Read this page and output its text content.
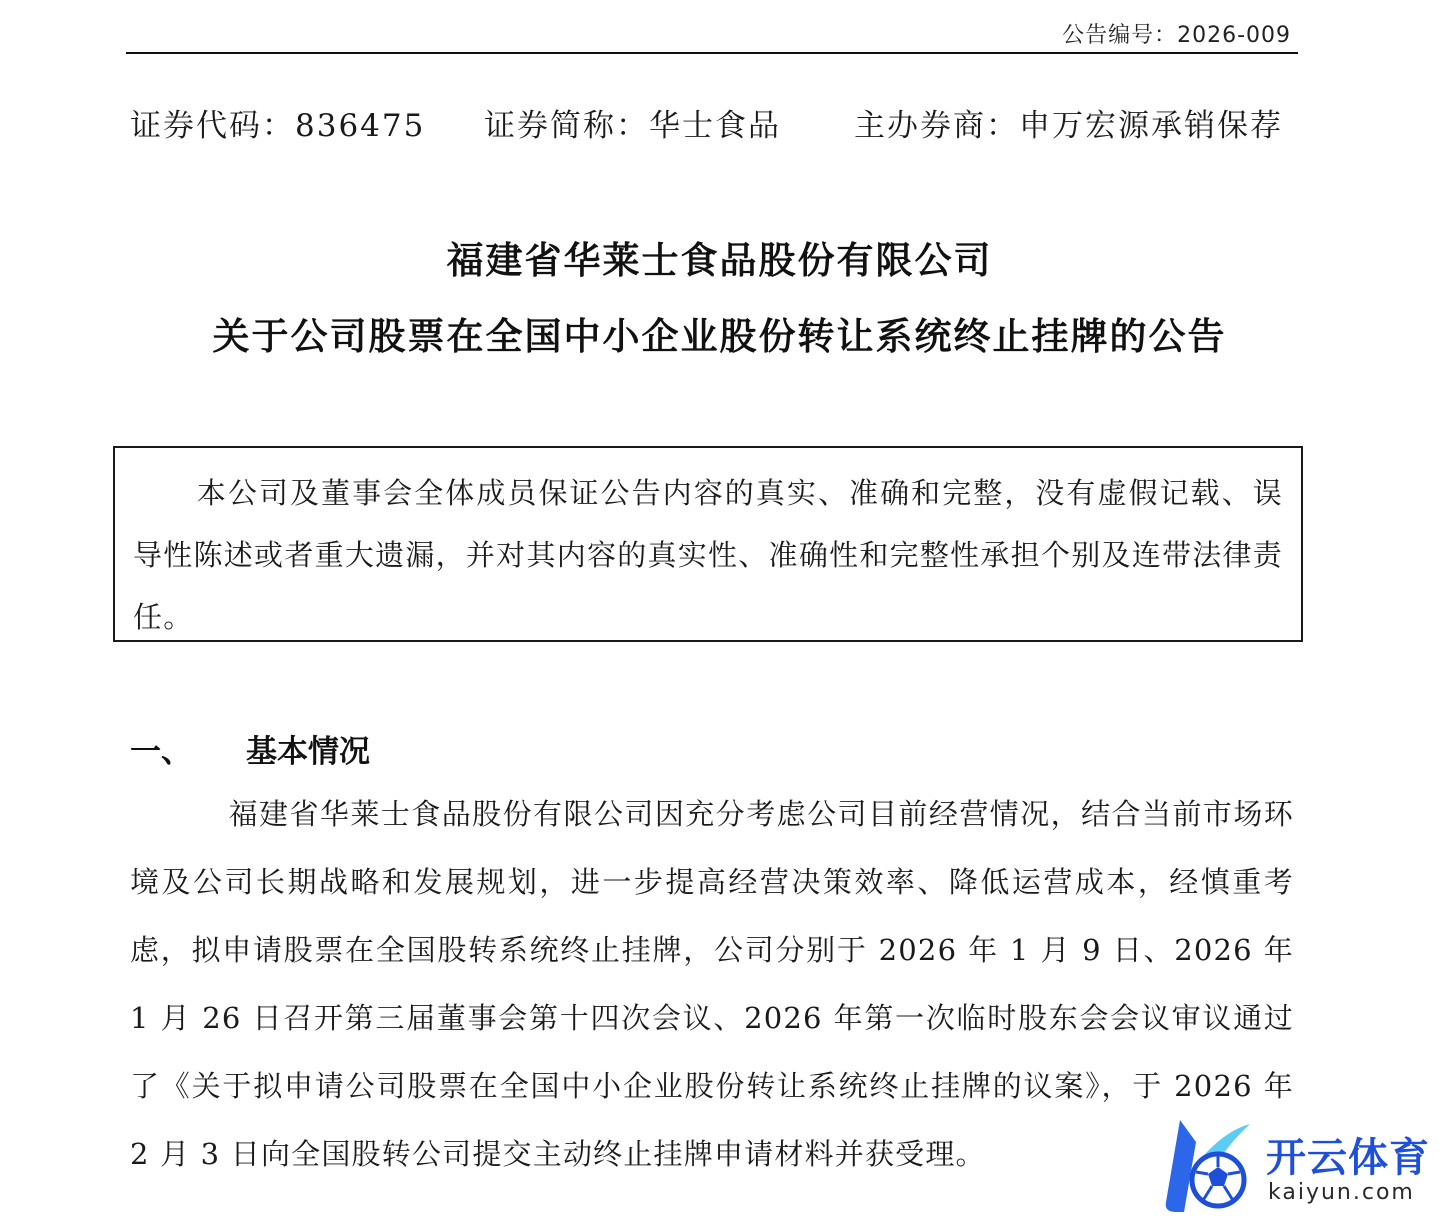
公告编号：2026-009
证券代码：836475 证券简称：华士食品 主办券商：申万宏源承销保荐
福建省华莱士食品股份有限公司
关于公司股票在全国中小企业股份转让系统终止挂牌的公告

本公司及董事会全体成员保证公告内容的真实、准确和完整，没有虚假记载、误导性陈述或者重大遗漏，并对其内容的真实性、准确性和完整性承担个别及连带法律责任。

一、 基本情况

福建省华莱士食品股份有限公司因充分考虑公司目前经营情况，结合当前市场环境及公司长期战略和发展规划，进一步提高经营决策效率、降低运营成本，经慎重考虑，拟申请股票在全国股转系统终止挂牌，公司分别于 2026 年 1 月 9 日、2026 年 1 月 26 日召开第三届董事会第十四次会议、2026 年第一次临时股东会会议审议通过了《关于拟申请公司股票在全国中小企业股份转让系统终止挂牌的议案》，于 2026 年 2 月 3 日向全国股转公司提交主动终止挂牌申请材料并获受理。	开云体育
kaiyun.com
